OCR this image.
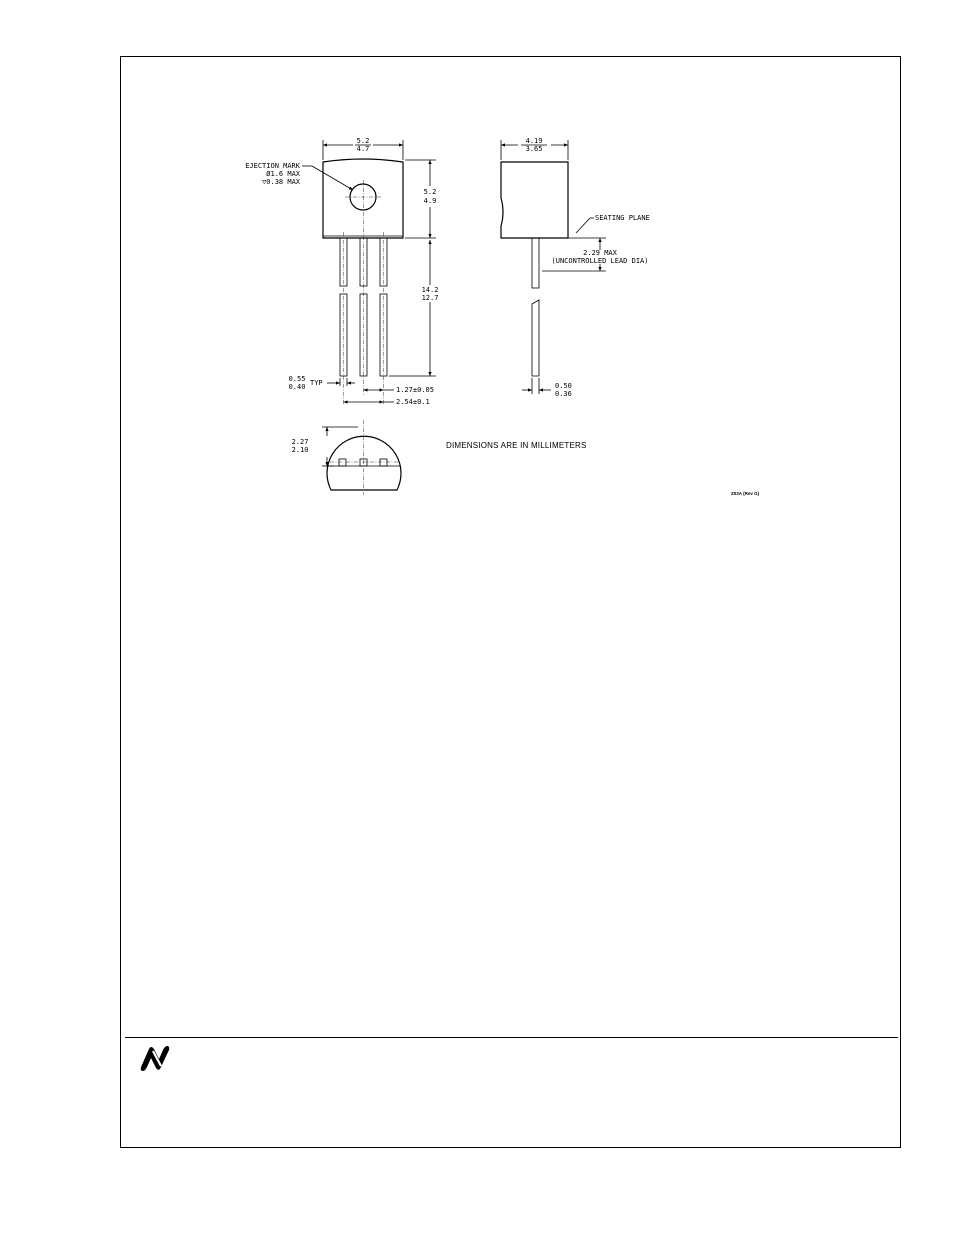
5.2
4.7
EJECTION MARK
Ø1.6 MAX
▽0.38 MAX
5.2
4.9
14.2
12.7
0.55
0.40 TYP
1.27±0.05
2.54±0.1
4.19
3.65
SEATING PLANE
2.29 MAX
(UNCONTROLLED LEAD DIA)
0.50
0.36
2.27
2.10	DIMENSIONS ARE IN MILLIMETERS
Z03A (Rev G)
